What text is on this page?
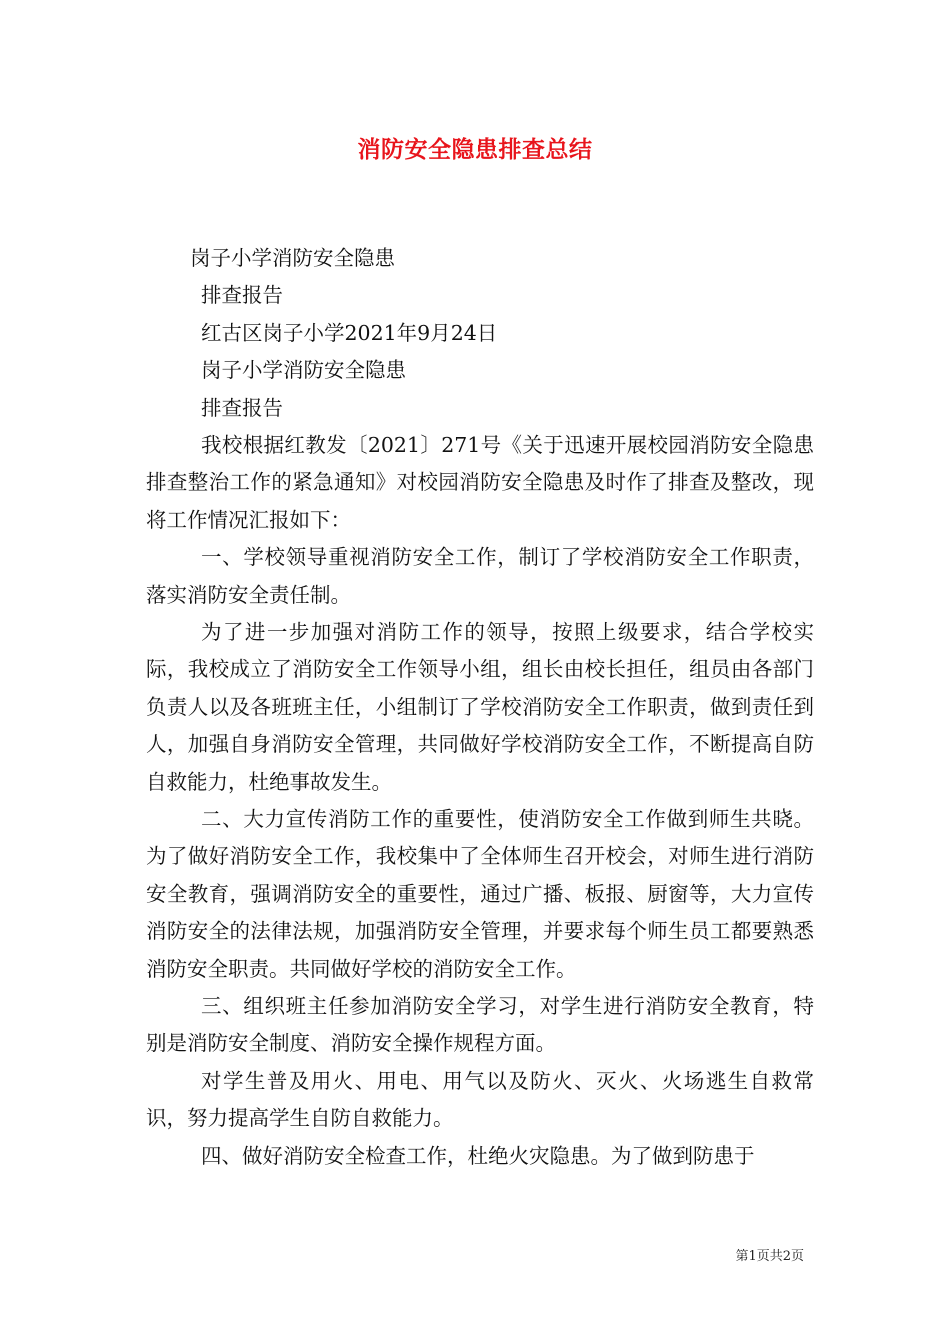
消防安全隐患排查总结
岗子小学消防安全隐患
排查报告
红古区岗子小学2021年9月24日
岗子小学消防安全隐患
排查报告

我校根据红教发〔2021〕271号《关于迅速开展校园消防安全隐患排查整治工作的紧急通知》对校园消防安全隐患及时作了排查及整改，现将工作情况汇报如下：

一、学校领导重视消防安全工作，制订了学校消防安全工作职责，落实消防安全责任制。

为了进一步加强对消防工作的领导，按照上级要求，结合学校实际，我校成立了消防安全工作领导小组，组长由校长担任，组员由各部门负责人以及各班班主任，小组制订了学校消防安全工作职责，做到责任到人，加强自身消防安全管理，共同做好学校消防安全工作，不断提高自防自救能力，杜绝事故发生。

二、大力宣传消防工作的重要性，使消防安全工作做到师生共晓。为了做好消防安全工作，我校集中了全体师生召开校会，对师生进行消防安全教育，强调消防安全的重要性，通过广播、板报、厨窗等，大力宣传消防安全的法律法规，加强消防安全管理，并要求每个师生员工都要熟悉消防安全职责。共同做好学校的消防安全工作。

三、组织班主任参加消防安全学习，对学生进行消防安全教育，特别是消防安全制度、消防安全操作规程方面。

对学生普及用火、用电、用气以及防火、灭火、火场逃生自救常识，努力提高学生自防自救能力。

四、做好消防安全检查工作，杜绝火灾隐患。为了做到防患于

第1页共2页
